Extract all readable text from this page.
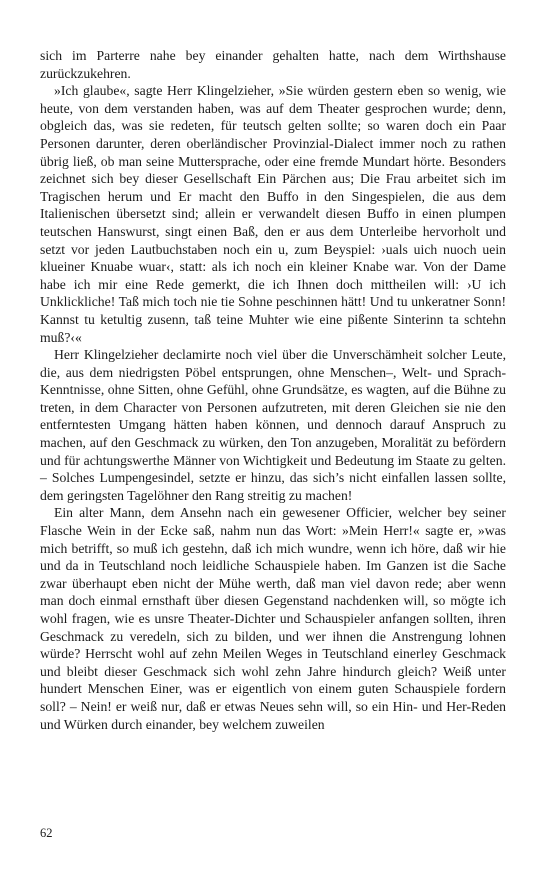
sich im Parterre nahe bey einander gehalten hatte, nach dem Wirthshause zurückzukehren.

»Ich glaube«, sagte Herr Klingelzieher, »Sie würden gestern eben so wenig, wie heute, von dem verstanden haben, was auf dem Theater gesprochen wurde; denn, obgleich das, was sie redeten, für teutsch gelten sollte; so waren doch ein Paar Personen darunter, deren oberländischer Provinzial-Dialect immer noch zu rathen übrig ließ, ob man seine Muttersprache, oder eine fremde Mundart hörte. Besonders zeichnet sich bey dieser Gesellschaft Ein Pärchen aus; Die Frau arbeitet sich im Tragischen herum und Er macht den Buffo in den Singespielen, die aus dem Italienischen übersetzt sind; allein er verwandelt diesen Buffo in einen plumpen teutschen Hanswurst, singt einen Baß, den er aus dem Unterleibe hervorholt und setzt vor jeden Lautbuchstaben noch ein u, zum Beyspiel: ›uals uich nuoch uein klueiner Knuabe wuar‹, statt: als ich noch ein kleiner Knabe war. Von der Dame habe ich mir eine Rede gemerkt, die ich Ihnen doch mittheilen will: ›U ich Unklickliche! Taß mich toch nie tie Sohne peschinnen hätt! Und tu unkeratner Sonn! Kannst tu ketultig zusenn, taß teine Muhter wie eine pißente Sinterinn ta schtehn muß?‹«

Herr Klingelzieher declamirte noch viel über die Unverschämheit solcher Leute, die, aus dem niedrigsten Pöbel entsprungen, ohne Menschen–, Welt- und Sprach-Kenntnisse, ohne Sitten, ohne Gefühl, ohne Grundsätze, es wagten, auf die Bühne zu treten, in dem Character von Personen aufzutreten, mit deren Gleichen sie nie den entferntesten Umgang hätten haben können, und dennoch darauf Anspruch zu machen, auf den Geschmack zu würken, den Ton anzugeben, Moralität zu befördern und für achtungswerthe Männer von Wichtigkeit und Bedeutung im Staate zu gelten. – Solches Lumpengesindel, setzte er hinzu, das sich’s nicht einfallen lassen sollte, dem geringsten Tagelöhner den Rang streitig zu machen!

Ein alter Mann, dem Ansehn nach ein gewesener Officier, welcher bey seiner Flasche Wein in der Ecke saß, nahm nun das Wort: »Mein Herr!« sagte er, »was mich betrifft, so muß ich gestehn, daß ich mich wundre, wenn ich höre, daß wir hie und da in Teutschland noch leidliche Schauspiele haben. Im Ganzen ist die Sache zwar überhaupt eben nicht der Mühe werth, daß man viel davon rede; aber wenn man doch einmal ernsthaft über diesen Gegenstand nachdenken will, so mögte ich wohl fragen, wie es unsre Theater-Dichter und Schauspieler anfangen sollten, ihren Geschmack zu veredeln, sich zu bilden, und wer ihnen die Anstrengung lohnen würde? Herrscht wohl auf zehn Meilen Weges in Teutschland einerley Geschmack und bleibt dieser Geschmack sich wohl zehn Jahre hindurch gleich? Weiß unter hundert Menschen Einer, was er eigentlich von einem guten Schauspiele fordern soll? – Nein! er weiß nur, daß er etwas Neues sehn will, so ein Hin- und Her-Reden und Würken durch einander, bey welchem zuweilen

62
